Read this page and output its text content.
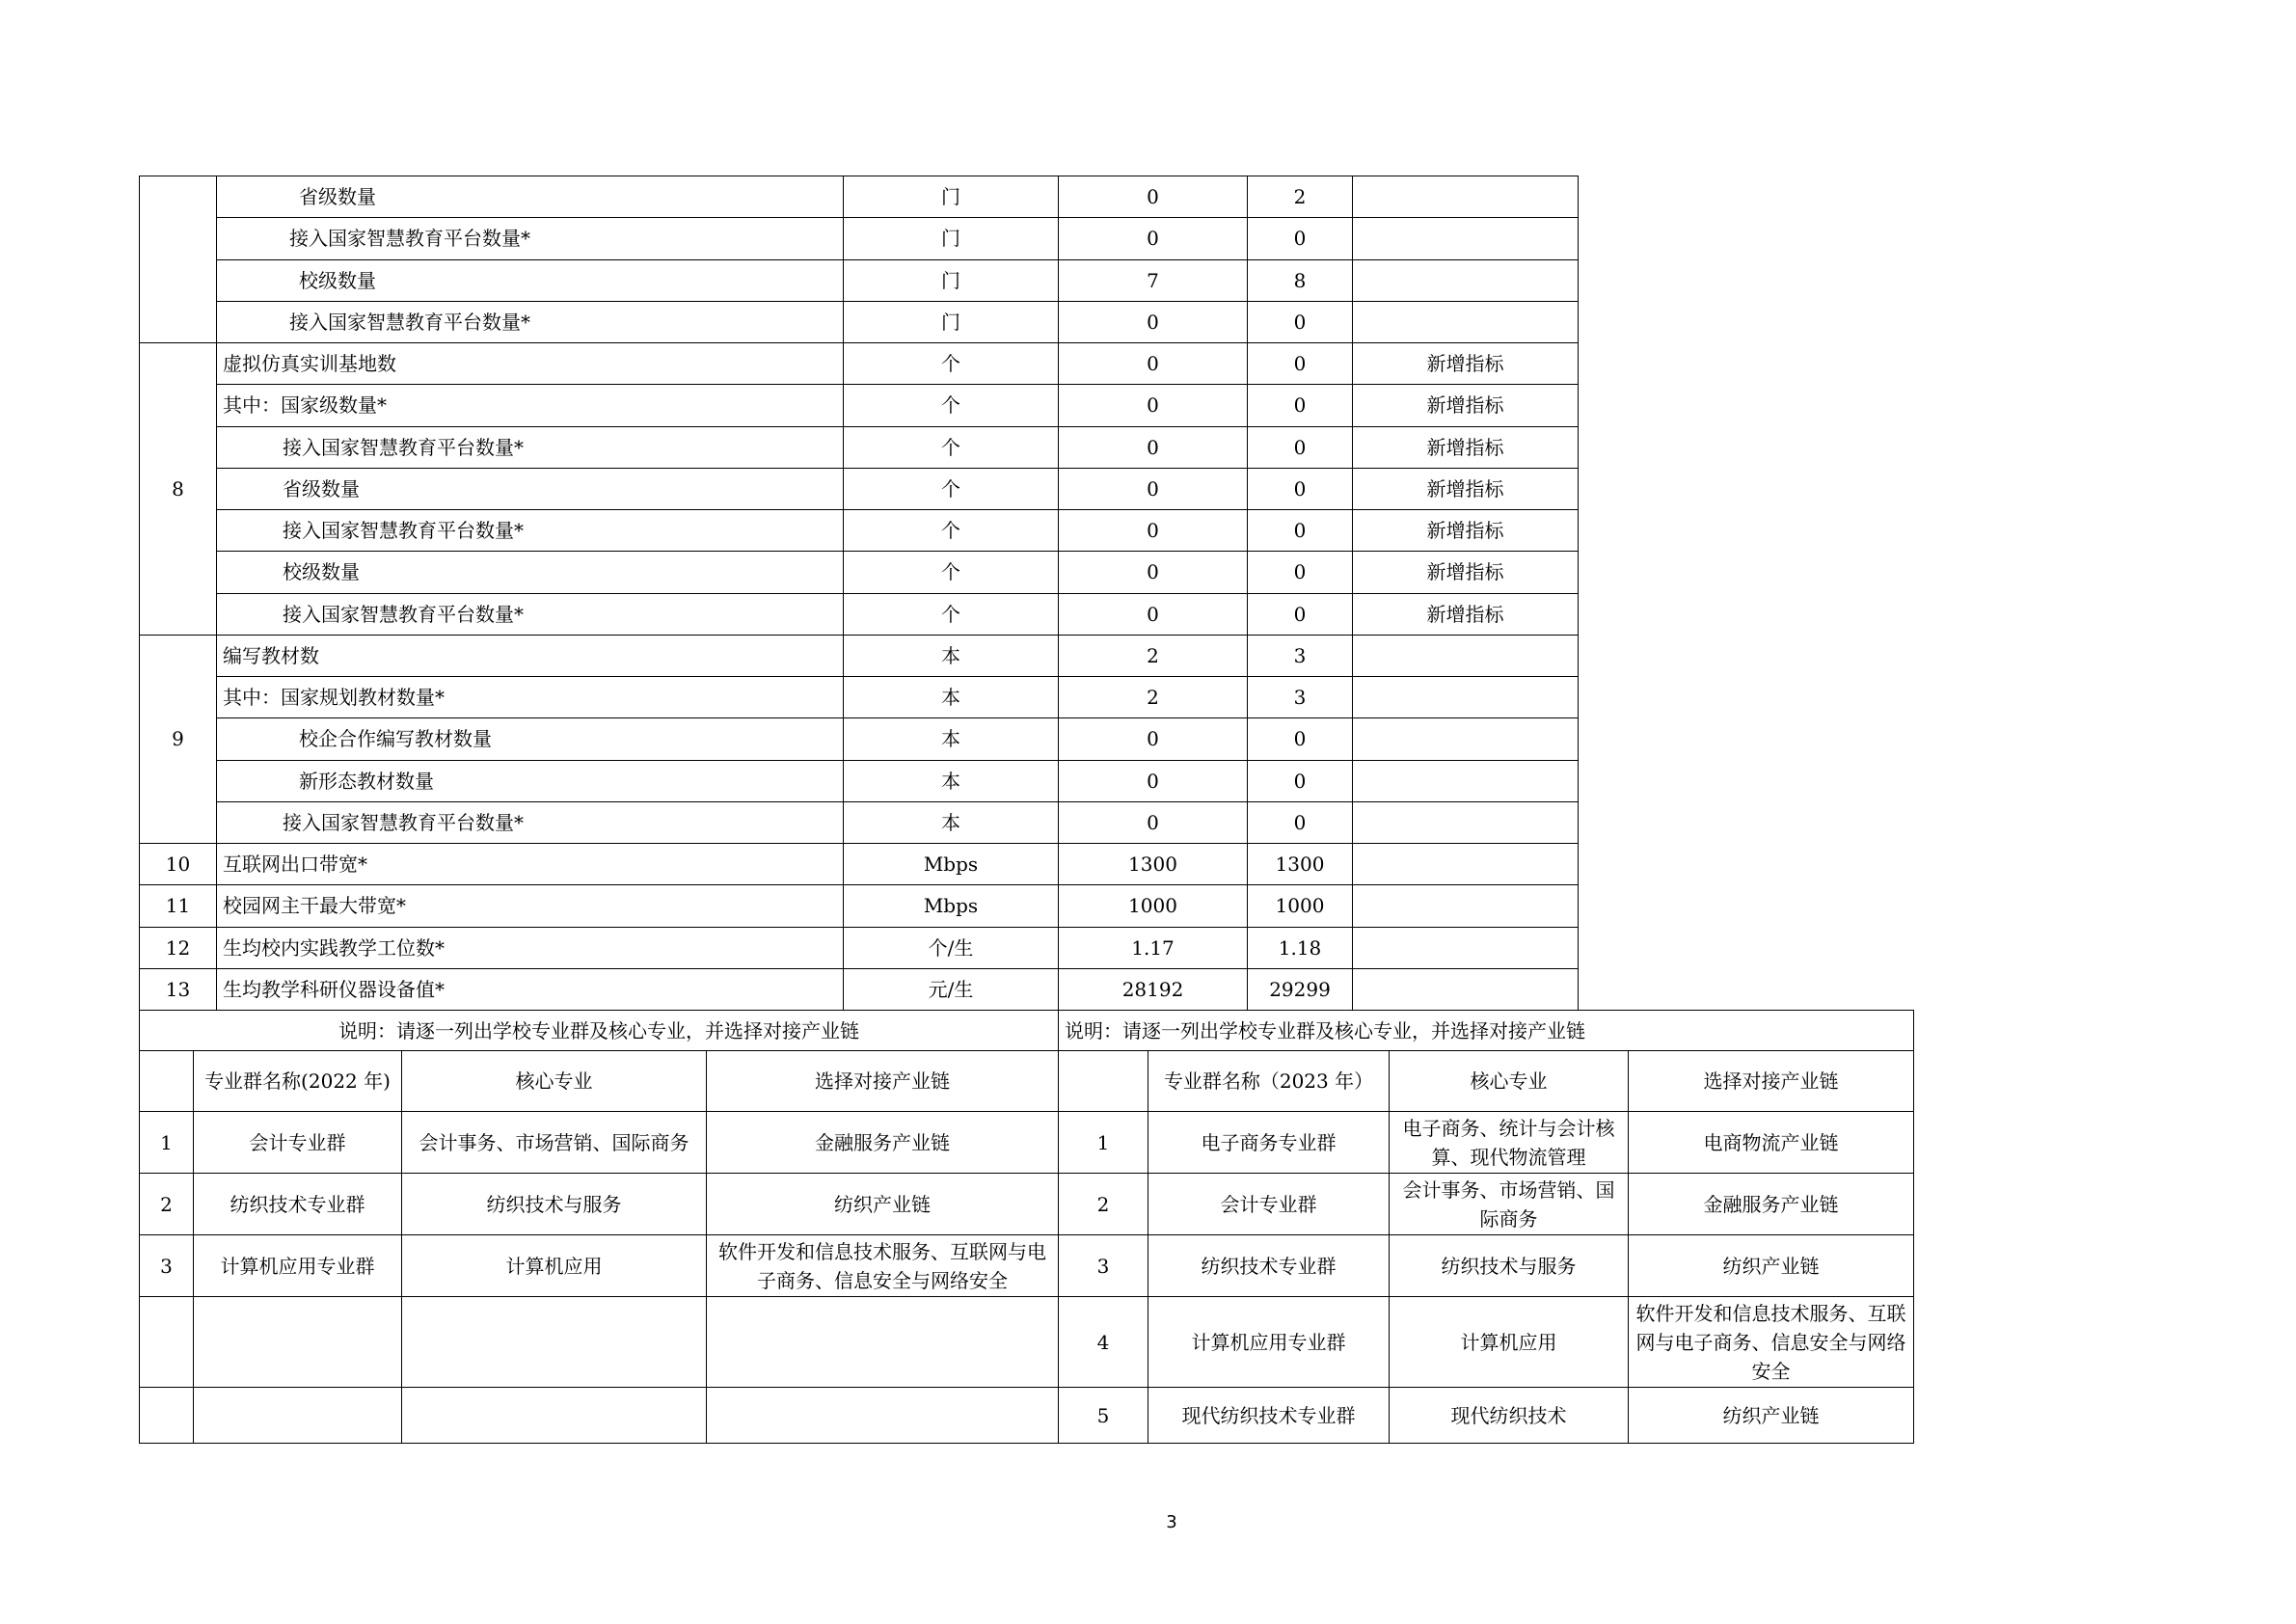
	省级数量	门	0	2	
	接入国家智慧教育平台数量*	门	0	0	
	校级数量	门	7	8	
	接入国家智慧教育平台数量*	门	0	0	
8	虚拟仿真实训基地数	个	0	0	新增指标
	其中：国家级数量*	个	0	0	新增指标
	接入国家智慧教育平台数量*	个	0	0	新增指标
	省级数量	个	0	0	新增指标
	接入国家智慧教育平台数量*	个	0	0	新增指标
	校级数量	个	0	0	新增指标
	接入国家智慧教育平台数量*	个	0	0	新增指标
9	编写教材数	本	2	3	
	其中：国家规划教材数量*	本	2	3	
	校企合作编写教材数量	本	0	0	
	新形态教材数量	本	0	0	
	接入国家智慧教育平台数量*	本	0	0	
10	互联网出口带宽*	Mbps	1300	1300	
11	校园网主干最大带宽*	Mbps	1000	1000	
12	生均校内实践教学工位数*	个/生	1.17	1.18	
13	生均教学科研仪器设备值*	元/生	28192	29299	
说明：请逐一列出学校专业群及核心专业，并选择对接产业链				说明：请逐一列出学校专业群及核心专业，并选择对接产业链			
	专业群名称(2022 年)	核心专业	选择对接产业链		专业群名称（2023 年）	核心专业	选择对接产业链
1	会计专业群	会计事务、市场营销、国际商务	金融服务产业链	1	电子商务专业群	电子商务、统计与会计核算、现代物流管理	电商物流产业链
2	纺织技术专业群	纺织技术与服务	纺织产业链	2	会计专业群	会计事务、市场营销、国际商务	金融服务产业链
3	计算机应用专业群	计算机应用	软件开发和信息技术服务、互联网与电子商务、信息安全与网络安全	3	纺织技术专业群	纺织技术与服务	纺织产业链
				4	计算机应用专业群	计算机应用	软件开发和信息技术服务、互联网与电子商务、信息安全与网络安全
				5	现代纺织技术专业群	现代纺织技术	纺织产业链
3
